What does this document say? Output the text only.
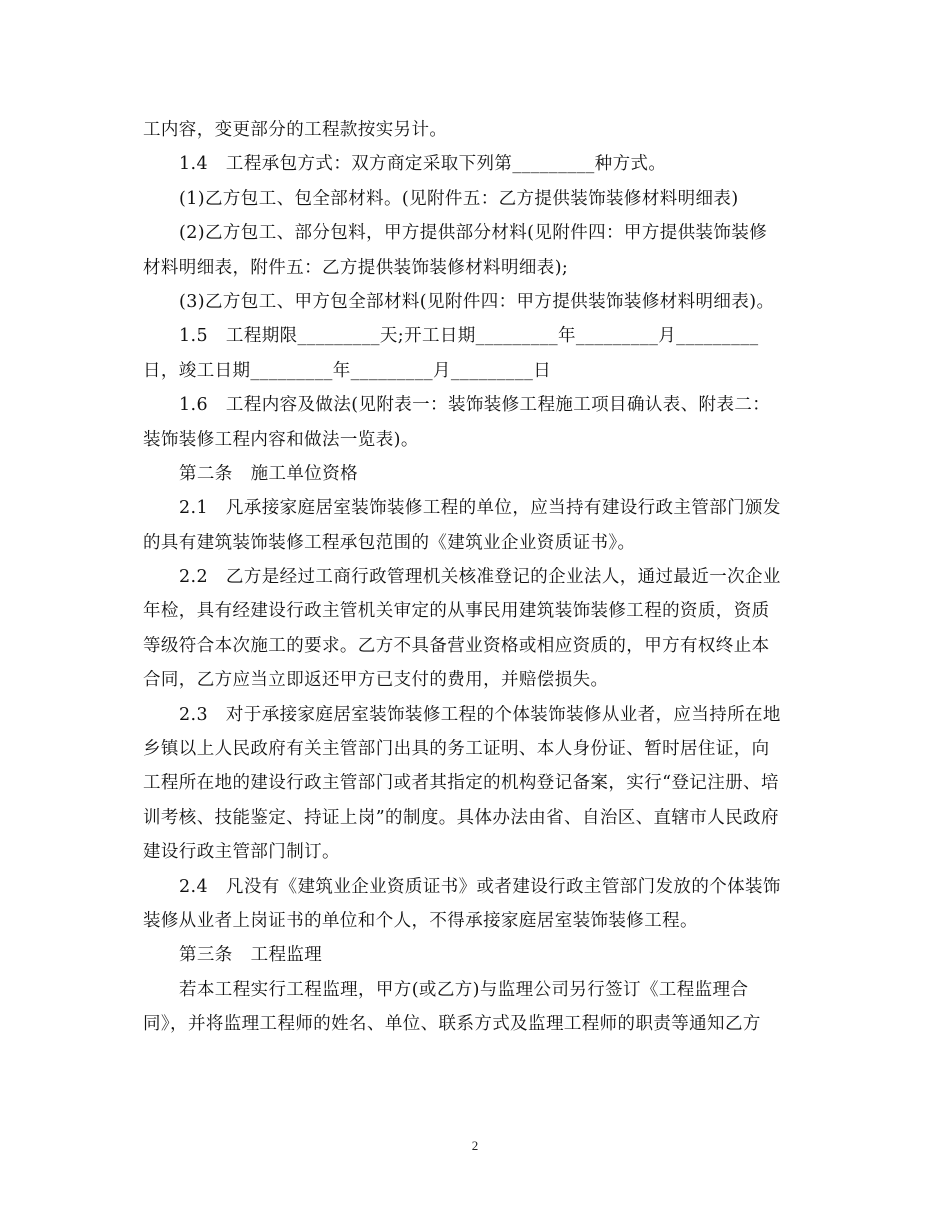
工内容，变更部分的工程款按实另计。
1.4　工程承包方式：双方商定采取下列第_________种方式。
(1)乙方包工、包全部材料。(见附件五：乙方提供装饰装修材料明细表)
(2)乙方包工、部分包料，甲方提供部分材料(见附件四：甲方提供装饰装修
材料明细表，附件五：乙方提供装饰装修材料明细表);
(3)乙方包工、甲方包全部材料(见附件四：甲方提供装饰装修材料明细表)。
1.5　工程期限_________天;开工日期_________年_________月_________
日，竣工日期_________年_________月_________日
1.6　工程内容及做法(见附表一：装饰装修工程施工项目确认表、附表二：
装饰装修工程内容和做法一览表)。
第二条　施工单位资格
2.1　凡承接家庭居室装饰装修工程的单位，应当持有建设行政主管部门颁发
的具有建筑装饰装修工程承包范围的《建筑业企业资质证书》。
2.2　乙方是经过工商行政管理机关核准登记的企业法人，通过最近一次企业
年检，具有经建设行政主管机关审定的从事民用建筑装饰装修工程的资质，资质
等级符合本次施工的要求。乙方不具备营业资格或相应资质的，甲方有权终止本
合同，乙方应当立即返还甲方已支付的费用，并赔偿损失。
2.3　对于承接家庭居室装饰装修工程的个体装饰装修从业者，应当持所在地
乡镇以上人民政府有关主管部门出具的务工证明、本人身份证、暂时居住证，向
工程所在地的建设行政主管部门或者其指定的机构登记备案，实行“登记注册、培
训考核、技能鉴定、持证上岗”的制度。具体办法由省、自治区、直辖市人民政府
建设行政主管部门制订。
2.4　凡没有《建筑业企业资质证书》或者建设行政主管部门发放的个体装饰
装修从业者上岗证书的单位和个人，不得承接家庭居室装饰装修工程。
第三条　工程监理
若本工程实行工程监理，甲方(或乙方)与监理公司另行签订《工程监理合
同》，并将监理工程师的姓名、单位、联系方式及监理工程师的职责等通知乙方
2
